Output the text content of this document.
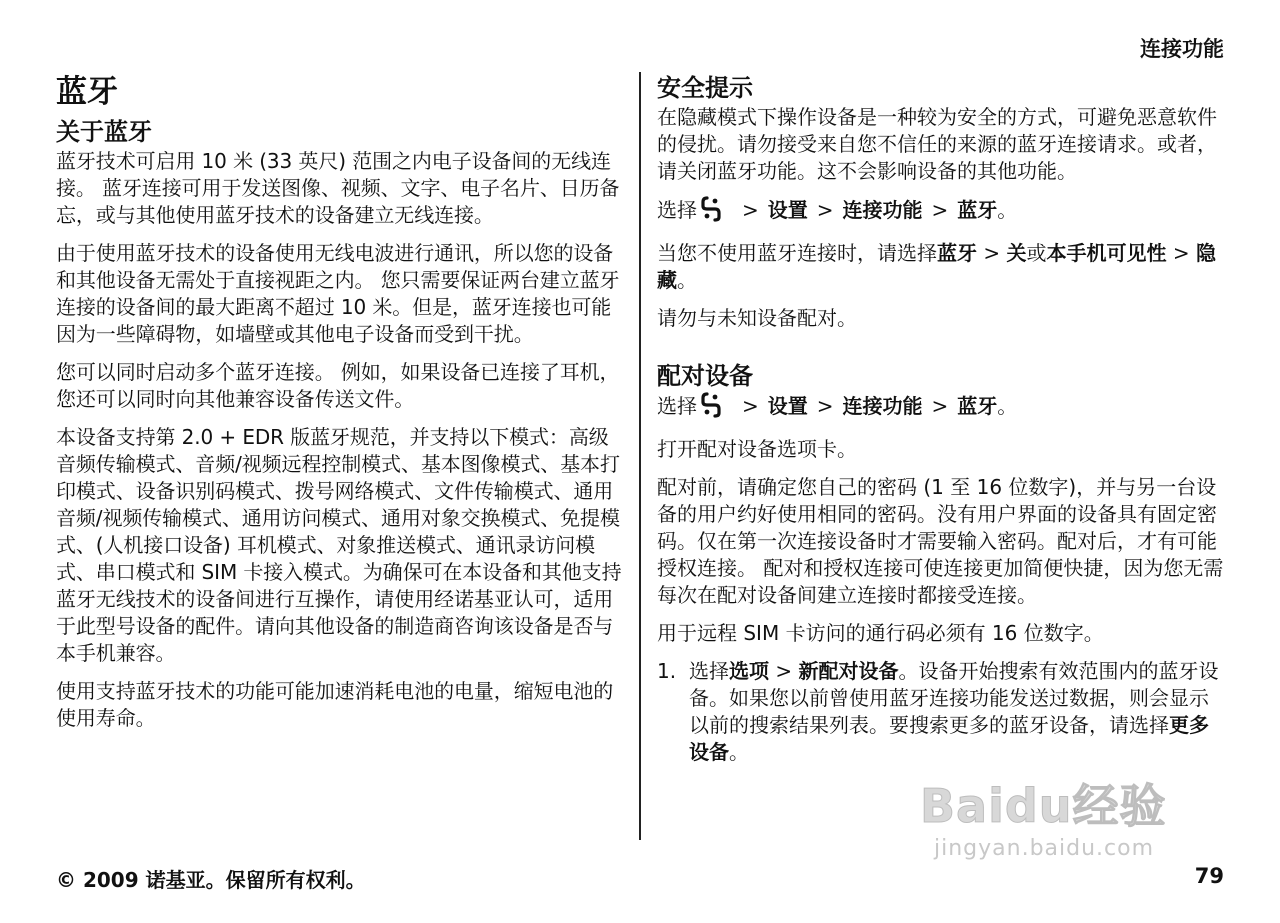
连接功能
蓝牙
关于蓝牙

蓝牙技术可启用 10 米 (33 英尺) 范围之内电子设备间的无线连接。 蓝牙连接可用于发送图像、视频、文字、电子名片、日历备忘，或与其他使用蓝牙技术的设备建立无线连接。

由于使用蓝牙技术的设备使用无线电波进行通讯，所以您的设备和其他设备无需处于直接视距之内。 您只需要保证两台建立蓝牙连接的设备间的最大距离不超过 10 米。但是，蓝牙连接也可能因为一些障碍物，如墙壁或其他电子设备而受到干扰。

您可以同时启动多个蓝牙连接。 例如，如果设备已连接了耳机，您还可以同时向其他兼容设备传送文件。

本设备支持第 2.0 + EDR 版蓝牙规范，并支持以下模式：高级音频传输模式、音频/视频远程控制模式、基本图像模式、基本打印模式、设备识别码模式、拨号网络模式、文件传输模式、通用音频/视频传输模式、通用访问模式、通用对象交换模式、免提模式、(人机接口设备) 耳机模式、对象推送模式、通讯录访问模式、串口模式和 SIM 卡接入模式。为确保可在本设备和其他支持蓝牙无线技术的设备间进行互操作，请使用经诺基亚认可，适用于此型号设备的配件。请向其他设备的制造商咨询该设备是否与本手机兼容。

使用支持蓝牙技术的功能可能加速消耗电池的电量，缩短电池的使用寿命。

安全提示

在隐藏模式下操作设备是一种较为安全的方式，可避免恶意软件的侵扰。请勿接受来自您不信任的来源的蓝牙连接请求。或者，请关闭蓝牙功能。这不会影响设备的其他功能。

选择 > 设置 > 连接功能 > 蓝牙。

当您不使用蓝牙连接时，请选择蓝牙 > 关或本手机可见性 > 隐藏。

请勿与未知设备配对。

配对设备
选择 > 设置 > 连接功能 > 蓝牙。

打开配对设备选项卡。

配对前，请确定您自己的密码 (1 至 16 位数字)，并与另一台设备的用户约好使用相同的密码。没有用户界面的设备具有固定密码。仅在第一次连接设备时才需要输入密码。配对后，才有可能授权连接。 配对和授权连接可使连接更加简便快捷，因为您无需每次在配对设备间建立连接时都接受连接。

用于远程 SIM 卡访问的通行码必须有 16 位数字。

1. 选择选项 > 新配对设备。设备开始搜索有效范围内的蓝牙设备。如果您以前曾使用蓝牙连接功能发送过数据，则会显示以前的搜索结果列表。要搜索更多的蓝牙设备，请选择更多设备。
Baidu经验
jingyan.baidu.com
© 2009 诺基亚。保留所有权利。	79
